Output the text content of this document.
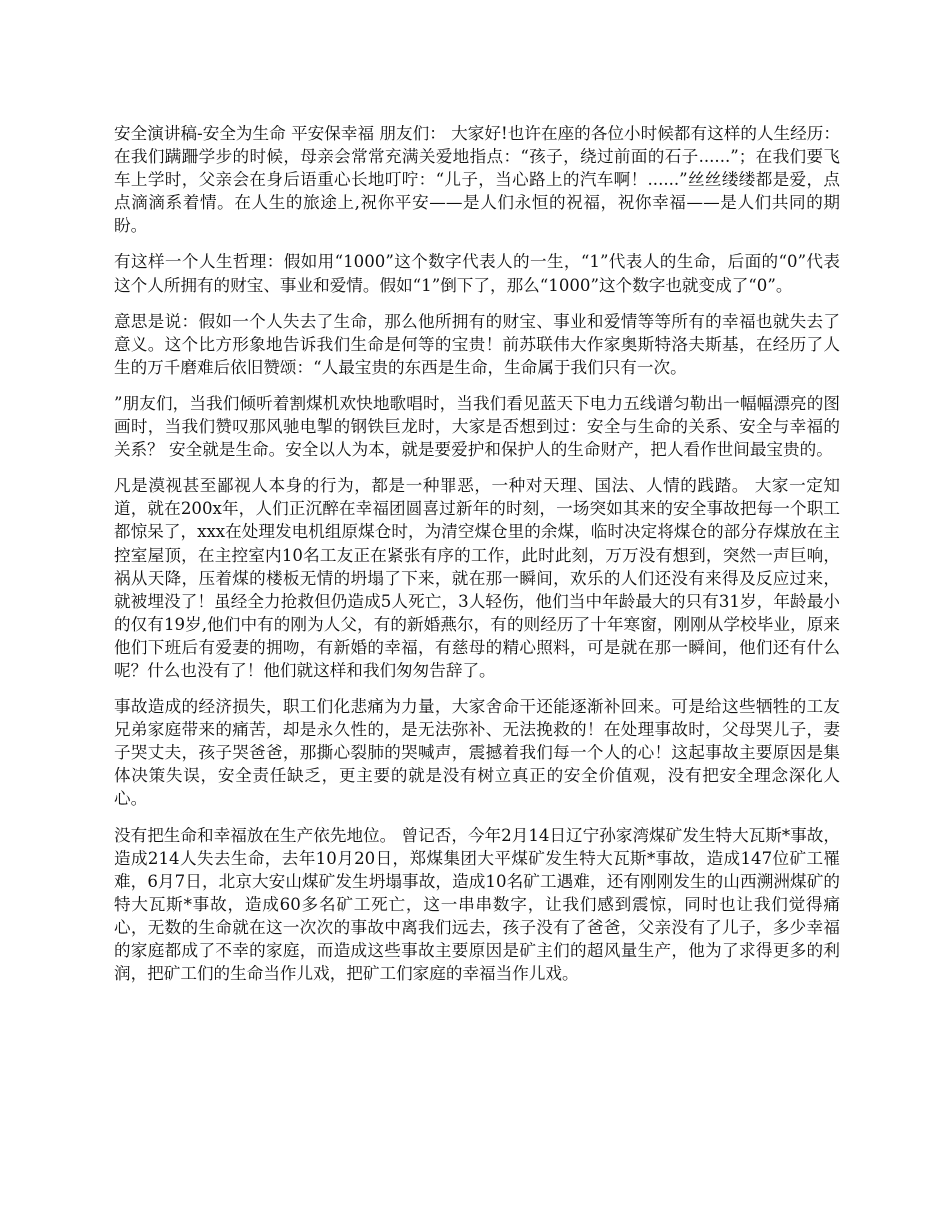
安全演讲稿-安全为生命 平安保幸福 朋友们： 大家好!也许在座的各位小时候都有这样的人生经历：在我们蹒跚学步的时候，母亲会常常充满关爱地指点：“孩子，绕过前面的石子......”；在我们要飞车上学时，父亲会在身后语重心长地叮咛：“儿子，当心路上的汽车啊！......”丝丝缕缕都是爱，点点滴滴系着情。在人生的旅途上,祝你平安——是人们永恒的祝福，祝你幸福——是人们共同的期盼。

有这样一个人生哲理：假如用“1000”这个数字代表人的一生，“1”代表人的生命，后面的“0”代表这个人所拥有的财宝、事业和爱情。假如“1”倒下了，那么“1000”这个数字也就变成了“0”。

意思是说：假如一个人失去了生命，那么他所拥有的财宝、事业和爱情等等所有的幸福也就失去了意义。这个比方形象地告诉我们生命是何等的宝贵！前苏联伟大作家奥斯特洛夫斯基，在经历了人生的万千磨难后依旧赞颂：“人最宝贵的东西是生命，生命属于我们只有一次。

”朋友们，当我们倾听着割煤机欢快地歌唱时，当我们看见蓝天下电力五线谱匀勒出一幅幅漂亮的图画时，当我们赞叹那风驰电掣的钢铁巨龙时，大家是否想到过：安全与生命的关系、安全与幸福的关系？ 安全就是生命。安全以人为本，就是要爱护和保护人的生命财产，把人看作世间最宝贵的。

凡是漠视甚至鄙视人本身的行为，都是一种罪恶，一种对天理、国法、人情的践踏。 大家一定知道，就在200x年，人们正沉醉在幸福团圆喜过新年的时刻，一场突如其来的安全事故把每一个职工都惊呆了，xxx在处理发电机组原煤仓时，为清空煤仓里的余煤，临时决定将煤仓的部分存煤放在主控室屋顶，在主控室内10名工友正在紧张有序的工作，此时此刻，万万没有想到，突然一声巨响，祸从天降，压着煤的楼板无情的坍塌了下来，就在那一瞬间，欢乐的人们还没有来得及反应过来，就被埋没了！虽经全力抢救但仍造成5人死亡，3人轻伤，他们当中年龄最大的只有31岁，年龄最小的仅有19岁,他们中有的刚为人父，有的新婚燕尔，有的则经历了十年寒窗，刚刚从学校毕业，原来他们下班后有爱妻的拥吻，有新婚的幸福，有慈母的精心照料，可是就在那一瞬间，他们还有什么呢？什么也没有了！他们就这样和我们匆匆告辞了。

事故造成的经济损失，职工们化悲痛为力量，大家舍命干还能逐渐补回来。可是给这些牺牲的工友兄弟家庭带来的痛苦，却是永久性的，是无法弥补、无法挽救的！在处理事故时，父母哭儿子，妻子哭丈夫，孩子哭爸爸，那撕心裂肺的哭喊声，震撼着我们每一个人的心！这起事故主要原因是集体决策失误，安全责任缺乏，更主要的就是没有树立真正的安全价值观，没有把安全理念深化人心。

没有把生命和幸福放在生产依先地位。 曾记否，今年2月14日辽宁孙家湾煤矿发生特大瓦斯*事故，造成214人失去生命，去年10月20日，郑煤集团大平煤矿发生特大瓦斯*事故，造成147位矿工罹难，6月7日，北京大安山煤矿发生坍塌事故，造成10名矿工遇难，还有刚刚发生的山西溯洲煤矿的特大瓦斯*事故，造成60多名矿工死亡，这一串串数字，让我们感到震惊，同时也让我们觉得痛心，无数的生命就在这一次次的事故中离我们远去，孩子没有了爸爸，父亲没有了儿子，多少幸福的家庭都成了不幸的家庭，而造成这些事故主要原因是矿主们的超风量生产，他为了求得更多的利润，把矿工们的生命当作儿戏，把矿工们家庭的幸福当作儿戏。
